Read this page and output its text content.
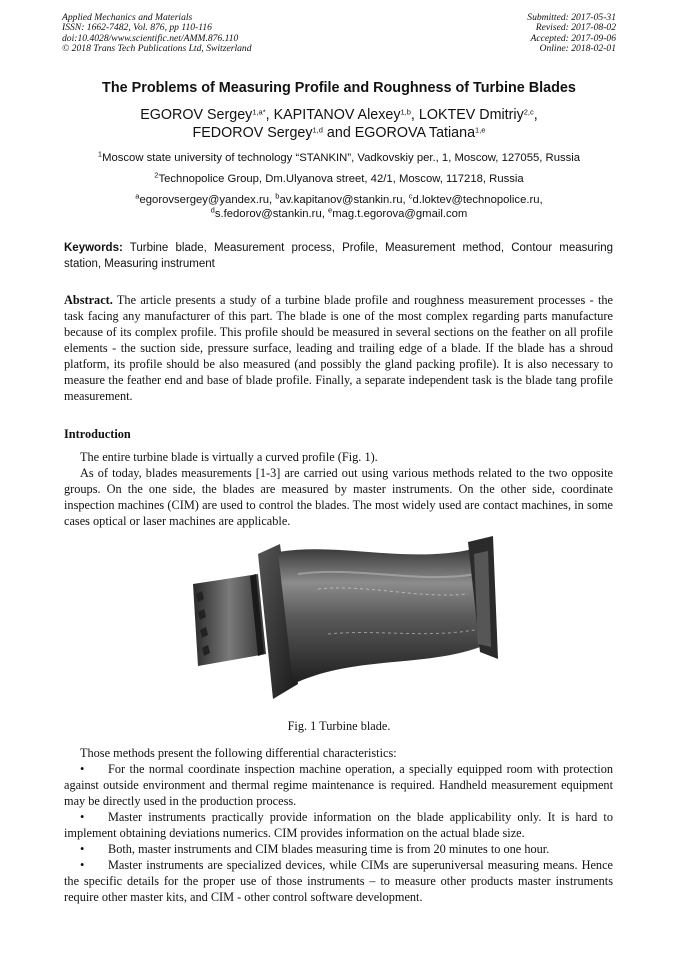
Applied Mechanics and Materials
ISSN: 1662-7482, Vol. 876, pp 110-116
doi:10.4028/www.scientific.net/AMM.876.110
© 2018 Trans Tech Publications Ltd, Switzerland
Submitted: 2017-05-31
Revised: 2017-08-02
Accepted: 2017-09-06
Online: 2018-02-01
The Problems of Measuring Profile and Roughness of Turbine Blades
EGOROV Sergey$^{1,a*}$, KAPITANOV Alexey$^{1,b}$, LOKTEV Dmitriy$^{2,c}$,
FEDOROV Sergey$^{1,d}$ and EGOROVA Tatiana$^{1,e}$
$^1$Moscow state university of technology “STANKIN”, Vadkovskiy per., 1, Moscow, 127055, Russia
$^2$Technopolice Group, Dm.Ulyanova street, 42/1, Moscow, 117218, Russia
$^a$egorovsergey@yandex.ru, $^b$av.kapitanov@stankin.ru, $^c$d.loktev@technopolice.ru,
$^d$s.fedorov@stankin.ru, $^e$mag.t.egorova@gmail.com
Keywords: Turbine blade, Measurement process, Profile, Measurement method, Contour measuring station, Measuring instrument
Abstract. The article presents a study of a turbine blade profile and roughness measurement processes - the task facing any manufacturer of this part. The blade is one of the most complex regarding parts manufacture because of its complex profile. This profile should be measured in several sections on the feather on all profile elements - the suction side, pressure surface, leading and trailing edge of a blade. If the blade has a shroud platform, its profile should be also measured (and possibly the gland packing profile). It is also necessary to measure the feather end and base of blade profile. Finally, a separate independent task is the blade tang profile measurement.
Introduction

The entire turbine blade is virtually a curved profile (Fig. 1).

As of today, blades measurements [1-3] are carried out using various methods related to the two opposite groups. On the one side, the blades are measured by master instruments. On the other side, coordinate inspection machines (CIM) are used to control the blades. The most widely used are contact machines, in some cases optical or laser machines are applicable.

Fig. 1 Turbine blade.

Those methods present the following differential characteristics:

• For the normal coordinate inspection machine operation, a specially equipped room with protection against outside environment and thermal regime maintenance is required. Handheld measurement equipment may be directly used in the production process.

• Master instruments practically provide information on the blade applicability only. It is hard to implement obtaining deviations numerics. CIM provides information on the actual blade size.

• Both, master instruments and CIM blades measuring time is from 20 minutes to one hour.

• Master instruments are specialized devices, while CIMs are superuniversal measuring means. Hence the specific details for the proper use of those instruments – to measure other products master instruments require other master kits, and CIM - other control software development.
